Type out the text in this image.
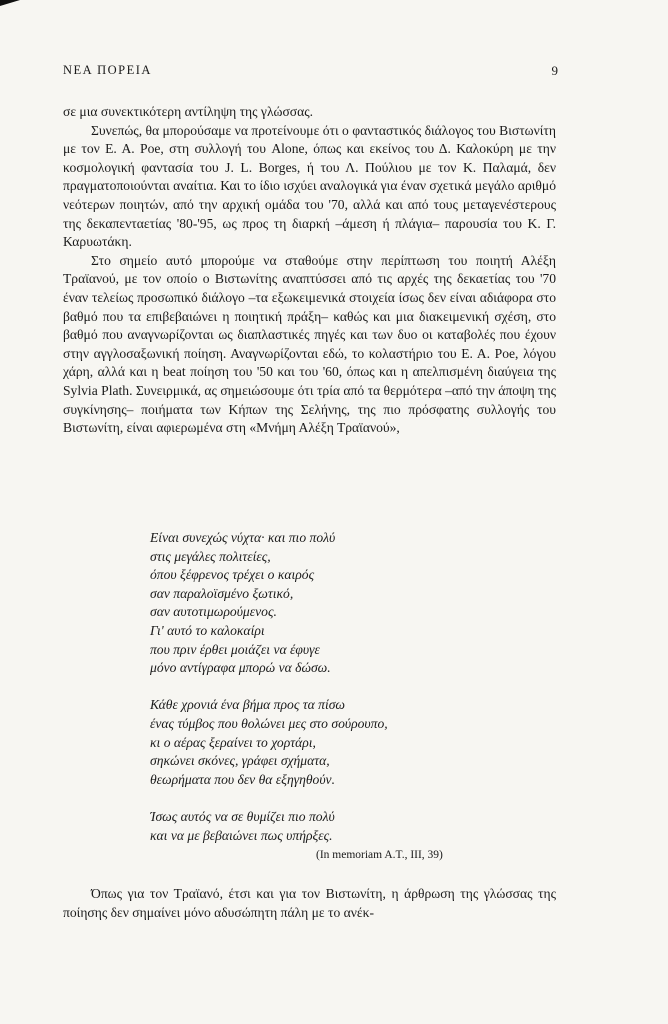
ΝΕΑ ΠΟΡΕΙΑ	9

σε μια συνεκτικότερη αντίληψη της γλώσσας.

Συνεπώς, θα μπορούσαμε να προτείνουμε ότι ο φανταστικός διάλογος του Βιστωνίτη με τον Ε. Α. Poe, στη συλλογή του Alone, όπως και εκείνος του Δ. Καλοκύρη με την κοσμολογική φαντασία του J. L. Borges, ή του Λ. Πούλιου με τον Κ. Παλαμά, δεν πραγματοποιούνται αναίτια. Και το ίδιο ισχύει αναλογικά για έναν σχετικά μεγάλο αριθμό νεότερων ποιητών, από την αρχική ομάδα του '70, αλλά και από τους μεταγενέστερους της δεκαπενταετίας '80-'95, ως προς τη διαρκή –άμεση ή πλάγια– παρουσία του Κ. Γ. Καρυωτάκη.

Στο σημείο αυτό μπορούμε να σταθούμε στην περίπτωση του ποιητή Αλέξη Τραϊανού, με τον οποίο ο Βιστωνίτης αναπτύσσει από τις αρχές της δεκαετίας του '70 έναν τελείως προσωπικό διάλογο –τα εξωκειμενικά στοιχεία ίσως δεν είναι αδιάφορα στο βαθμό που τα επιβεβαιώνει η ποιητική πράξη– καθώς και μια διακειμενική σχέση, στο βαθμό που αναγνωρίζονται ως διαπλαστικές πηγές και των δυο οι καταβολές που έχουν στην αγγλοσαξωνική ποίηση. Αναγνωρίζονται εδώ, το κολαστήριο του Ε. Α. Poe, λόγου χάρη, αλλά και η beat ποίηση του '50 και του '60, όπως και η απελπισμένη διαύγεια της Sylvia Plath. Συνειρμικά, ας σημειώσουμε ότι τρία από τα θερμότερα –από την άποψη της συγκίνησης– ποιήματα των Κήπων της Σελήνης, της πιο πρόσφατης συλλογής του Βιστωνίτη, είναι αφιερωμένα στη «Μνήμη Αλέξη Τραϊανού»,

Είναι συνεχώς νύχτα· και πιο πολύ
στις μεγάλες πολιτείες,
όπου ξέφρενος τρέχει ο καιρός
σαν παραλοϊσμένο ξωτικό,
σαν αυτοτιμωρούμενος.
Γι' αυτό το καλοκαίρι
που πριν έρθει μοιάζει να έφυγε
μόνο αντίγραφα μπορώ να δώσω.
Κάθε χρονιά ένα βήμα προς τα πίσω
ένας τύμβος που θολώνει μες στο σούρουπο,
κι ο αέρας ξεραίνει το χορτάρι,
σηκώνει σκόνες, γράφει σχήματα,
θεωρήματα που δεν θα εξηγηθούν.
Ίσως αυτός να σε θυμίζει πιο πολύ
και να με βεβαιώνει πως υπήρξες.
(In memoriam A.T., III, 39)

Όπως για τον Τραϊανό, έτσι και για τον Βιστωνίτη, η άρθρωση της γλώσσας της ποίησης δεν σημαίνει μόνο αδυσώπητη πάλη με το ανέκ-
